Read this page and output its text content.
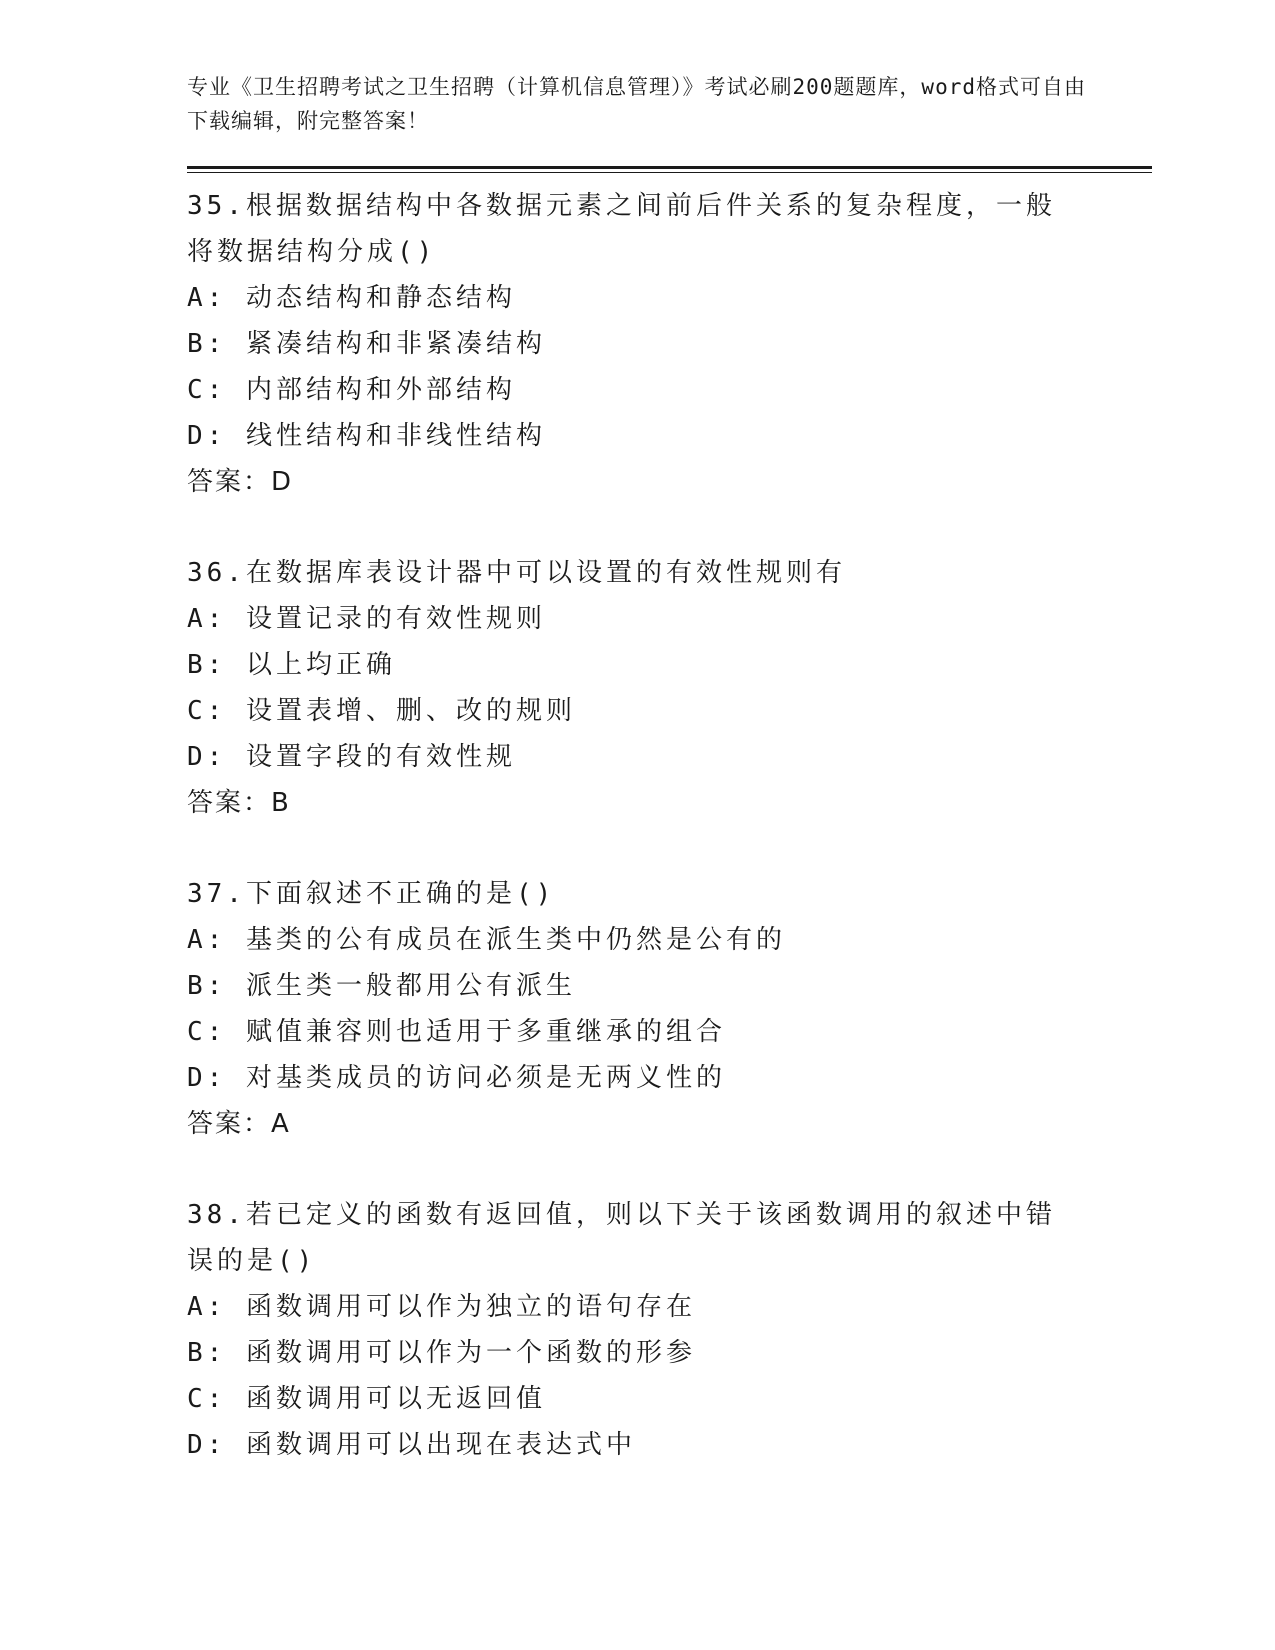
专业《卫生招聘考试之卫生招聘（计算机信息管理）》考试必刷200题题库，word格式可自由下载编辑，附完整答案！
35.根据数据结构中各数据元素之间前后件关系的复杂程度，一般将数据结构分成()
A: 动态结构和静态结构
B: 紧凑结构和非紧凑结构
C: 内部结构和外部结构
D: 线性结构和非线性结构
答案：D
36.在数据库表设计器中可以设置的有效性规则有
A: 设置记录的有效性规则
B: 以上均正确
C: 设置表增、删、改的规则
D: 设置字段的有效性规
答案：B
37.下面叙述不正确的是()
A: 基类的公有成员在派生类中仍然是公有的
B: 派生类一般都用公有派生
C: 赋值兼容则也适用于多重继承的组合
D: 对基类成员的访问必须是无两义性的
答案：A
38.若已定义的函数有返回值，则以下关于该函数调用的叙述中错误的是()
A: 函数调用可以作为独立的语句存在
B: 函数调用可以作为一个函数的形参
C: 函数调用可以无返回值
D: 函数调用可以出现在表达式中
